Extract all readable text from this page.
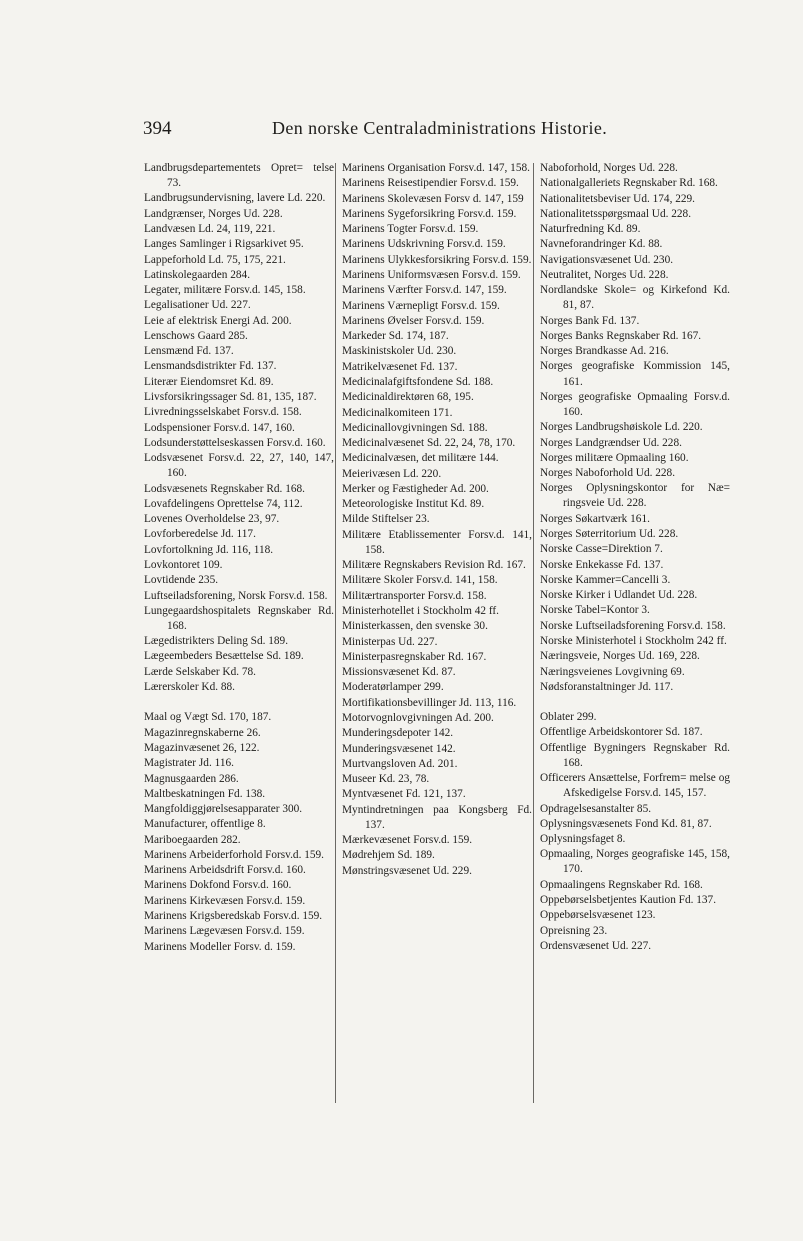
394	Den norske Centraladministrations Historie.
Landbrugsdepartementets Opret= telse 73.
Landbrugsundervisning, lavere Ld. 220.
Landgrænser, Norges Ud. 228.
Landvæsen Ld. 24, 119, 221.
Langes Samlinger i Rigsarkivet 95.
Lappeforhold Ld. 75, 175, 221.
Latinskolegaarden 284.
Legater, militære Forsv.d. 145, 158.
Legalisationer Ud. 227.
Leie af elektrisk Energi Ad. 200.
Lenschows Gaard 285.
Lensmænd Fd. 137.
Lensmandsdistrikter Fd. 137.
Literær Eiendomsret Kd. 89.
Livsforsikringssager Sd. 81, 135, 187.
Livredningsselskabet Forsv.d. 158.
Lodspensioner Forsv.d. 147, 160.
Lodsunderstøttelseskassen Forsv.d. 160.
Lodsvæsenet Forsv.d. 22, 27, 140, 147, 160.
Lodsvæsenets Regnskaber Rd. 168.
Lovafdelingens Oprettelse 74, 112.
Lovenes Overholdelse 23, 97.
Lovforberedelse Jd. 117.
Lovfortolkning Jd. 116, 118.
Lovkontoret 109.
Lovtidende 235.
Luftseiladsforening, Norsk Forsv.d. 158.
Lungegaardshospitalets Regnskaber Rd. 168.
Lægedistrikters Deling Sd. 189.
Lægeembeders Besættelse Sd. 189.
Lærde Selskaber Kd. 78.
Lærerskoler Kd. 88.
Maal og Vægt Sd. 170, 187.
Magazinregnskaberne 26.
Magazinvæsenet 26, 122.
Magistrater Jd. 116.
Magnusgaarden 286.
Maltbeskatningen Fd. 138.
Mangfoldiggjørelsesapparater 300.
Manufacturer, offentlige 8.
Mariboegaarden 282.
Marinens Arbeiderforhold Forsv.d. 159.
Marinens Arbeidsdrift Forsv.d. 160.
Marinens Dokfond Forsv.d. 160.
Marinens Kirkevæsen Forsv.d. 159.
Marinens Krigsberedskab Forsv.d. 159.
Marinens Lægevæsen Forsv.d. 159.
Marinens Modeller Forsv. d. 159.
Marinens Organisation Forsv.d. 147, 158.
Marinens Reisestipendier Forsv.d. 159.
Marinens Skolevæsen Forsv d. 147, 159
Marinens Sygeforsikring Forsv.d. 159.
Marinens Togter Forsv.d. 159.
Marinens Udskrivning Forsv.d. 159.
Marinens Ulykkesforsikring Forsv.d. 159.
Marinens Uniformsvæsen Forsv.d. 159.
Marinens Værfter Forsv.d. 147, 159.
Marinens Værnepligt Forsv.d. 159.
Marinens Øvelser Forsv.d. 159.
Markeder Sd. 174, 187.
Maskinistskoler Ud. 230.
Matrikelvæsenet Fd. 137.
Medicinalafgiftsfondene Sd. 188.
Medicinaldirektøren 68, 195.
Medicinalkomiteen 171.
Medicinallovgivningen Sd. 188.
Medicinalvæsenet Sd. 22, 24, 78, 170.
Medicinalvæsen, det militære 144.
Meierivæsen Ld. 220.
Merker og Fæstigheder Ad. 200.
Meteorologiske Institut Kd. 89.
Milde Stiftelser 23.
Militære Etablissementer Forsv.d. 141, 158.
Militære Regnskabers Revision Rd. 167.
Militære Skoler Forsv.d. 141, 158.
Militærtransporter Forsv.d. 158.
Ministerhotellet i Stockholm 42 ff.
Ministerkassen, den svenske 30.
Ministerpas Ud. 227.
Ministerpasregnskaber Rd. 167.
Missionsvæsenet Kd. 87.
Moderatørlamper 299.
Mortifikationsbevillinger Jd. 113, 116.
Motorvognlovgivningen Ad. 200.
Munderingsdepoter 142.
Munderingsvæsenet 142.
Murtvangsloven Ad. 201.
Museer Kd. 23, 78.
Myntvæsenet Fd. 121, 137.
Myntindretningen paa Kongsberg Fd. 137.
Mærkevæsenet Forsv.d. 159.
Mødrehjem Sd. 189.
Mønstringsvæsenet Ud. 229.
Naboforhold, Norges Ud. 228.
Nationalgalleriets Regnskaber Rd. 168.
Nationalitetsbeviser Ud. 174, 229.
Nationalitetsspørgsmaal Ud. 228.
Naturfredning Kd. 89.
Navneforandringer Kd. 88.
Navigationsvæsenet Ud. 230.
Neutralitet, Norges Ud. 228.
Nordlandske Skole= og Kirkefond Kd. 81, 87.
Norges Bank Fd. 137.
Norges Banks Regnskaber Rd. 167.
Norges Brandkasse Ad. 216.
Norges geografiske Kommission 145, 161.
Norges geografiske Opmaaling Forsv.d. 160.
Norges Landbrugshøiskole Ld. 220.
Norges Landgrændser Ud. 228.
Norges militære Opmaaling 160.
Norges Naboforhold Ud. 228.
Norges Oplysningskontor for Næ= ringsveie Ud. 228.
Norges Søkartværk 161.
Norges Søterritorium Ud. 228.
Norske Casse=Direktion 7.
Norske Enkekasse Fd. 137.
Norske Kammer=Cancelli 3.
Norske Kirker i Udlandet Ud. 228.
Norske Tabel=Kontor 3.
Norske Luftseiladsforening Forsv.d. 158.
Norske Ministerhotel i Stockholm 242 ff.
Næringsveie, Norges Ud. 169, 228.
Næringsveienes Lovgivning 69.
Nødsforanstaltninger Jd. 117.
Oblater 299.
Offentlige Arbeidskontorer Sd. 187.
Offentlige Bygningers Regnskaber Rd. 168.
Officerers Ansættelse, Forfrem= melse og Afskedigelse Forsv.d. 145, 157.
Opdragelsesanstalter 85.
Oplysningsvæsenets Fond Kd. 81, 87.
Oplysningsfaget 8.
Opmaaling, Norges geografiske 145, 158, 170.
Opmaalingens Regnskaber Rd. 168.
Oppebørselsbetjentes Kaution Fd. 137.
Oppebørselsvæsenet 123.
Opreisning 23.
Ordensvæsenet Ud. 227.
